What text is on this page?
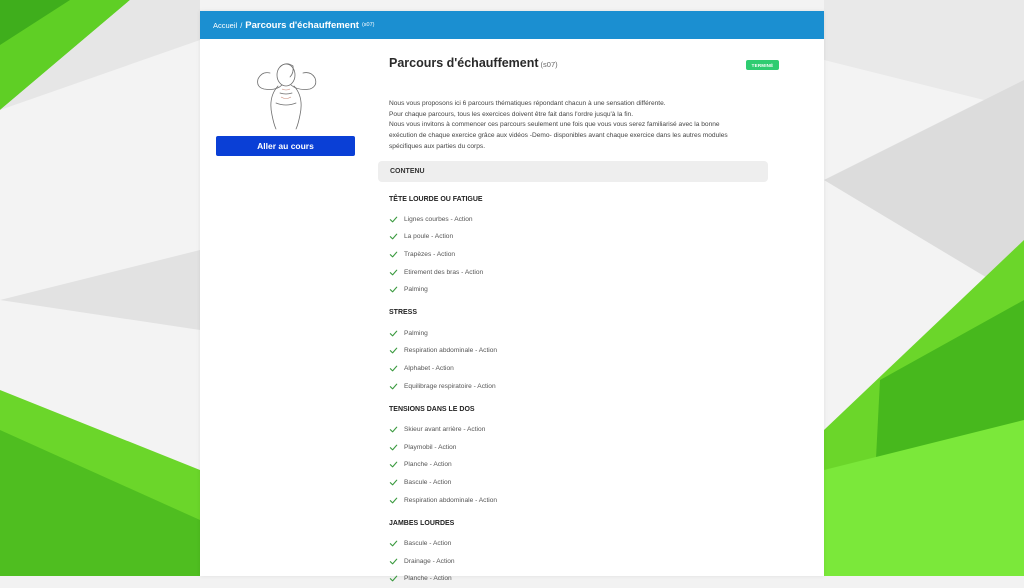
Accueil / Parcours d'échauffement (s07)
Aller au cours
Parcours d'échauffement (s07)	TERMINÉ
Nous vous proposons ici 6 parcours thématiques répondant chacun à une sensation différente.
Pour chaque parcours, tous les exercices doivent être fait dans l'ordre jusqu'à la fin.
Nous vous invitons à commencer ces parcours seulement une fois que vous vous serez familiarisé avec la bonne
exécution de chaque exercice grâce aux vidéos -Demo- disponibles avant chaque exercice dans les autres modules
spécifiques aux parties du corps.
CONTENU
TÊTE LOURDE OU FATIGUE
Lignes courbes - Action
La poule - Action
Trapèzes - Action
Etirement des bras - Action
Palming
STRESS
Palming
Respiration abdominale - Action
Alphabet - Action
Equilibrage respiratoire - Action
TENSIONS DANS LE DOS
Skieur avant arrière - Action
Playmobil - Action
Planche - Action
Bascule - Action
Respiration abdominale - Action
JAMBES LOURDES
Bascule - Action
Drainage - Action
Planche - Action
